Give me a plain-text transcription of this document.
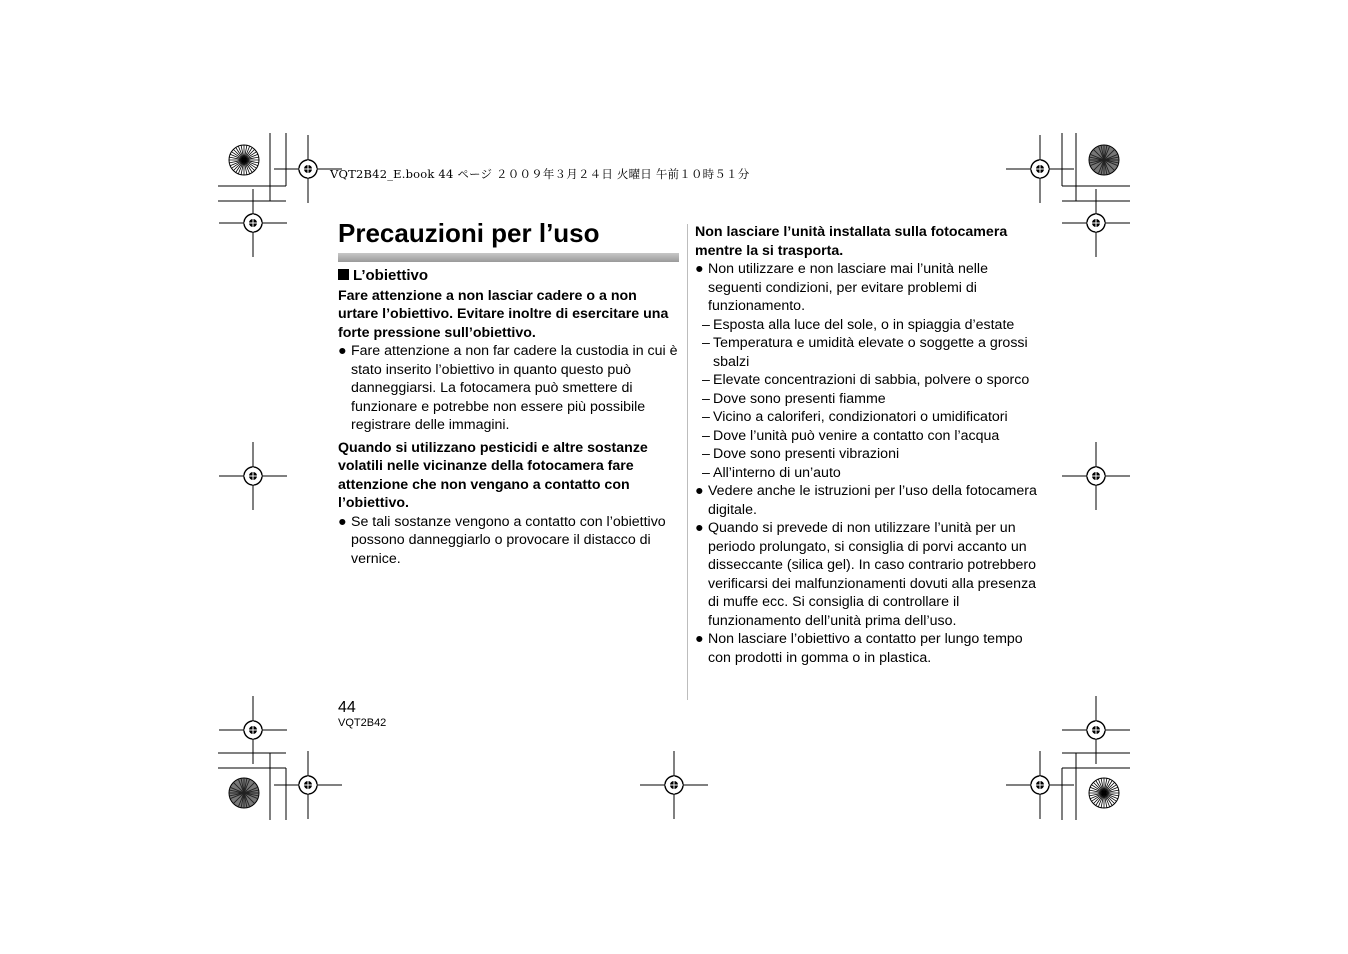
VQT2B42_E.book 44 ページ ２００９年３月２４日 火曜日 午前１０時５１分
Precauzioni per l’uso

L’obiettivo

Fare attenzione a non lasciar cadere o a non urtare l’obiettivo. Evitare inoltre di esercitare una forte pressione sull’obiettivo.

● Fare attenzione a non far cadere la custodia in cui è stato inserito l’obiettivo in quanto questo può danneggiarsi. La fotocamera può smettere di funzionare e potrebbe non essere più possibile registrare delle immagini.

Quando si utilizzano pesticidi e altre sostanze volatili nelle vicinanze della fotocamera fare attenzione che non vengano a contatto con l’obiettivo.

● Se tali sostanze vengono a contatto con l’obiettivo possono danneggiarlo o provocare il distacco di vernice.

Non lasciare l’unità installata sulla fotocamera mentre la si trasporta.

● Non utilizzare e non lasciare mai l’unità nelle seguenti condizioni, per evitare problemi di funzionamento.

– Esposta alla luce del sole, o in spiaggia d’estate

– Temperatura e umidità elevate o soggette a grossi sbalzi

– Elevate concentrazioni di sabbia, polvere o sporco

– Dove sono presenti fiamme

– Vicino a caloriferi, condizionatori o umidificatori

– Dove l’unità può venire a contatto con l’acqua

– Dove sono presenti vibrazioni

– All’interno di un’auto

● Vedere anche le istruzioni per l’uso della fotocamera digitale.

● Quando si prevede di non utilizzare l’unità per un periodo prolungato, si consiglia di porvi accanto un disseccante (silica gel). In caso contrario potrebbero verificarsi dei malfunzionamenti dovuti alla presenza di muffe ecc. Si consiglia di controllare il funzionamento dell’unità prima dell’uso.

● Non lasciare l’obiettivo a contatto per lungo tempo con prodotti in gomma o in plastica.

44
VQT2B42
